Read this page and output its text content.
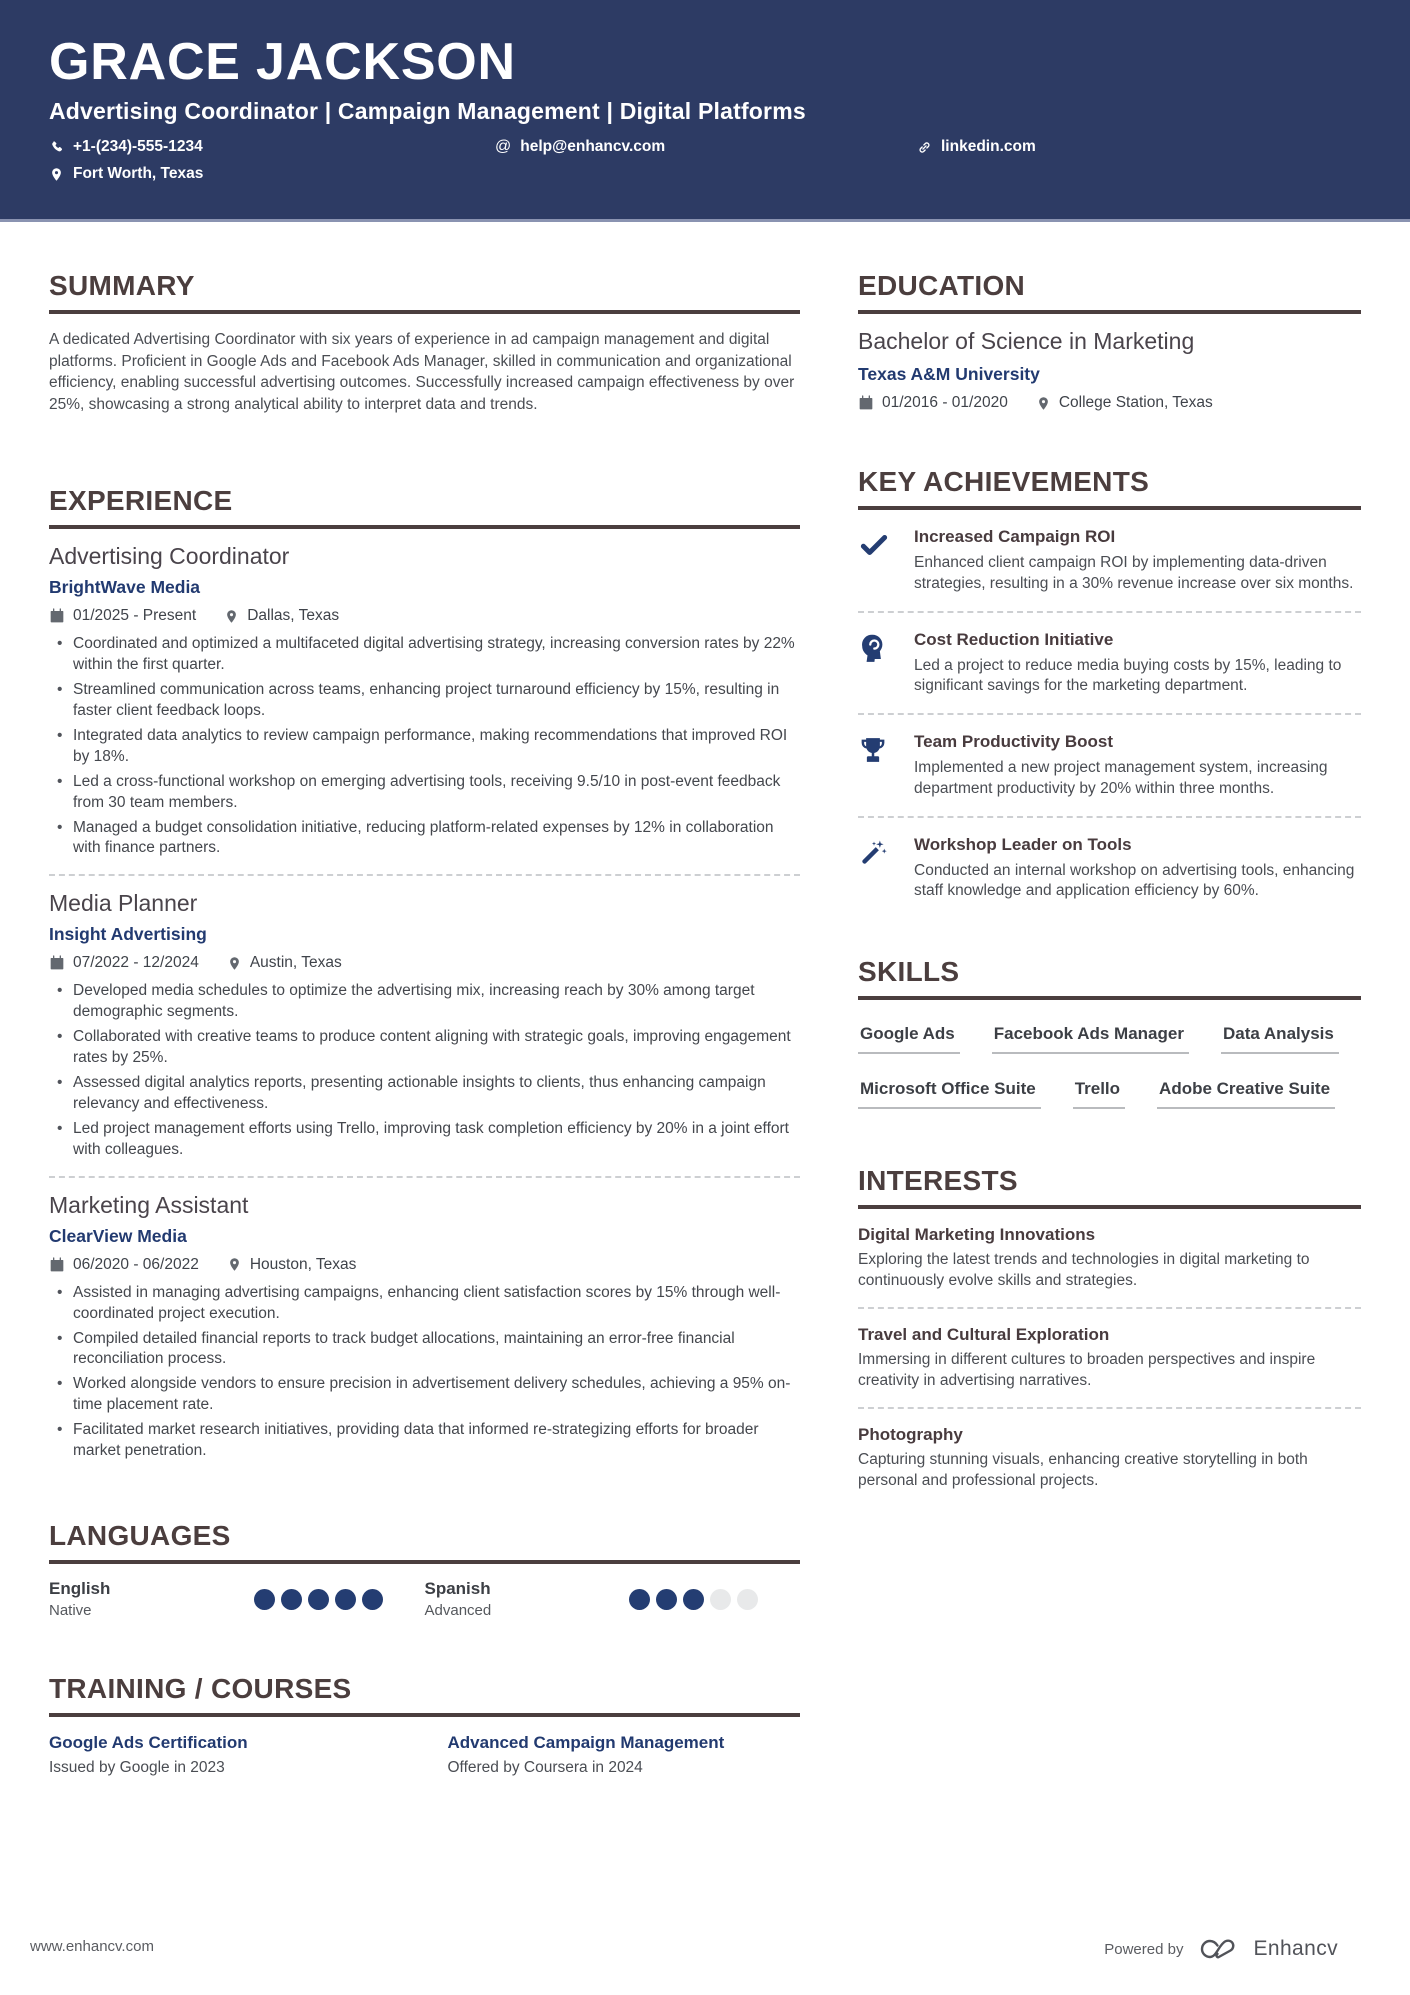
GRACE JACKSON
Advertising Coordinator | Campaign Management | Digital Platforms
+1-(234)-555-1234	@ help@enhancv.com	linkedin.com
Fort Worth, Texas
SUMMARY
A dedicated Advertising Coordinator with six years of experience in ad campaign management and digital platforms. Proficient in Google Ads and Facebook Ads Manager, skilled in communication and organizational efficiency, enabling successful advertising outcomes. Successfully increased campaign effectiveness by over 25%, showcasing a strong analytical ability to interpret data and trends.
EXPERIENCE
Advertising Coordinator
BrightWave Media
01/2025 - Present	Dallas, Texas
• Coordinated and optimized a multifaceted digital advertising strategy, increasing conversion rates by 22% within the first quarter.
• Streamlined communication across teams, enhancing project turnaround efficiency by 15%, resulting in faster client feedback loops.
• Integrated data analytics to review campaign performance, making recommendations that improved ROI by 18%.
• Led a cross-functional workshop on emerging advertising tools, receiving 9.5/10 in post-event feedback from 30 team members.
• Managed a budget consolidation initiative, reducing platform-related expenses by 12% in collaboration with finance partners.
Media Planner
Insight Advertising
07/2022 - 12/2024	Austin, Texas
• Developed media schedules to optimize the advertising mix, increasing reach by 30% among target demographic segments.
• Collaborated with creative teams to produce content aligning with strategic goals, improving engagement rates by 25%.
• Assessed digital analytics reports, presenting actionable insights to clients, thus enhancing campaign relevancy and effectiveness.
• Led project management efforts using Trello, improving task completion efficiency by 20% in a joint effort with colleagues.
Marketing Assistant
ClearView Media
06/2020 - 06/2022	Houston, Texas
• Assisted in managing advertising campaigns, enhancing client satisfaction scores by 15% through well-coordinated project execution.
• Compiled detailed financial reports to track budget allocations, maintaining an error-free financial reconciliation process.
• Worked alongside vendors to ensure precision in advertisement delivery schedules, achieving a 95% on-time placement rate.
• Facilitated market research initiatives, providing data that informed re-strategizing efforts for broader market penetration.
LANGUAGES
English
Native
Spanish
Advanced
TRAINING / COURSES
Google Ads Certification
Issued by Google in 2023
Advanced Campaign Management
Offered by Coursera in 2024
EDUCATION
Bachelor of Science in Marketing
Texas A&M University
01/2016 - 01/2020	College Station, Texas
KEY ACHIEVEMENTS
Increased Campaign ROI
Enhanced client campaign ROI by implementing data-driven strategies, resulting in a 30% revenue increase over six months.
Cost Reduction Initiative
Led a project to reduce media buying costs by 15%, leading to significant savings for the marketing department.
Team Productivity Boost
Implemented a new project management system, increasing department productivity by 20% within three months.
Workshop Leader on Tools
Conducted an internal workshop on advertising tools, enhancing staff knowledge and application efficiency by 60%.
SKILLS
Google Ads Facebook Ads Manager Data Analysis
Microsoft Office Suite Trello Adobe Creative Suite
INTERESTS
Digital Marketing Innovations
Exploring the latest trends and technologies in digital marketing to continuously evolve skills and strategies.
Travel and Cultural Exploration
Immersing in different cultures to broaden perspectives and inspire creativity in advertising narratives.
Photography
Capturing stunning visuals, enhancing creative storytelling in both personal and professional projects.
www.enhancv.com	Powered by	Enhancv
